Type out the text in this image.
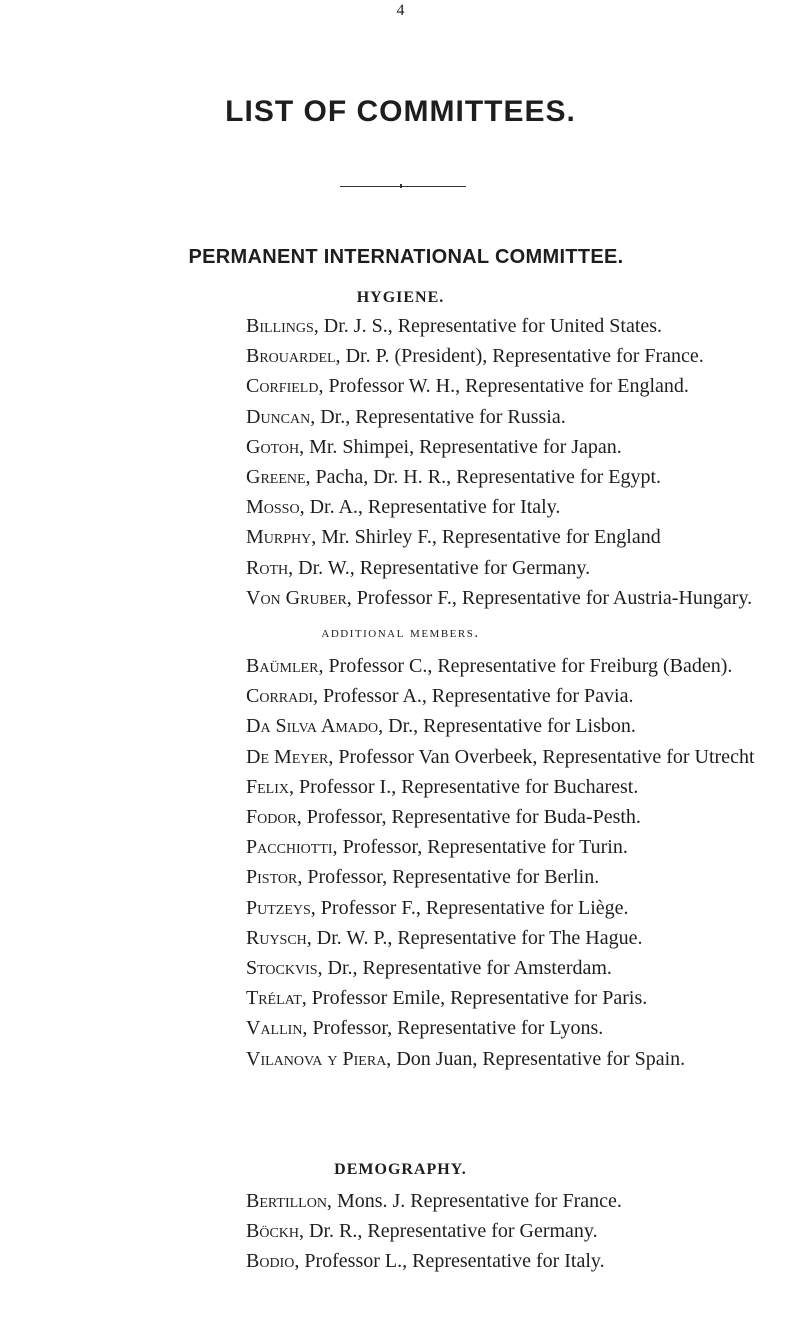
4
LIST OF COMMITTEES.
PERMANENT INTERNATIONAL COMMITTEE.
HYGIENE.
Billings, Dr. J. S., Representative for United States.
Brouardel, Dr. P. (President), Representative for France.
Corfield, Professor W. H., Representative for England.
Duncan, Dr., Representative for Russia.
Gotoh, Mr. Shimpei, Representative for Japan.
Greene, Pacha, Dr. H. R., Representative for Egypt.
Mosso, Dr. A., Representative for Italy.
Murphy, Mr. Shirley F., Representative for England
Roth, Dr. W., Representative for Germany.
Von Gruber, Professor F., Representative for Austria-Hungary.
additional members.
Baümler, Professor C., Representative for Freiburg (Baden).
Corradi, Professor A., Representative for Pavia.
Da Silva Amado, Dr., Representative for Lisbon.
De Meyer, Professor Van Overbeek, Representative for Utrecht
Felix, Professor I., Representative for Bucharest.
Fodor, Professor, Representative for Buda-Pesth.
Pacchiotti, Professor, Representative for Turin.
Pistor, Professor, Representative for Berlin.
Putzeys, Professor F., Representative for Liège.
Ruysch, Dr. W. P., Representative for The Hague.
Stockvis, Dr., Representative for Amsterdam.
Trélat, Professor Emile, Representative for Paris.
Vallin, Professor, Representative for Lyons.
Vilanova y Piera, Don Juan, Representative for Spain.
DEMOGRAPHY.
Bertillon, Mons. J. Representative for France.
Böckh, Dr. R., Representative for Germany.
Bodio, Professor L., Representative for Italy.
